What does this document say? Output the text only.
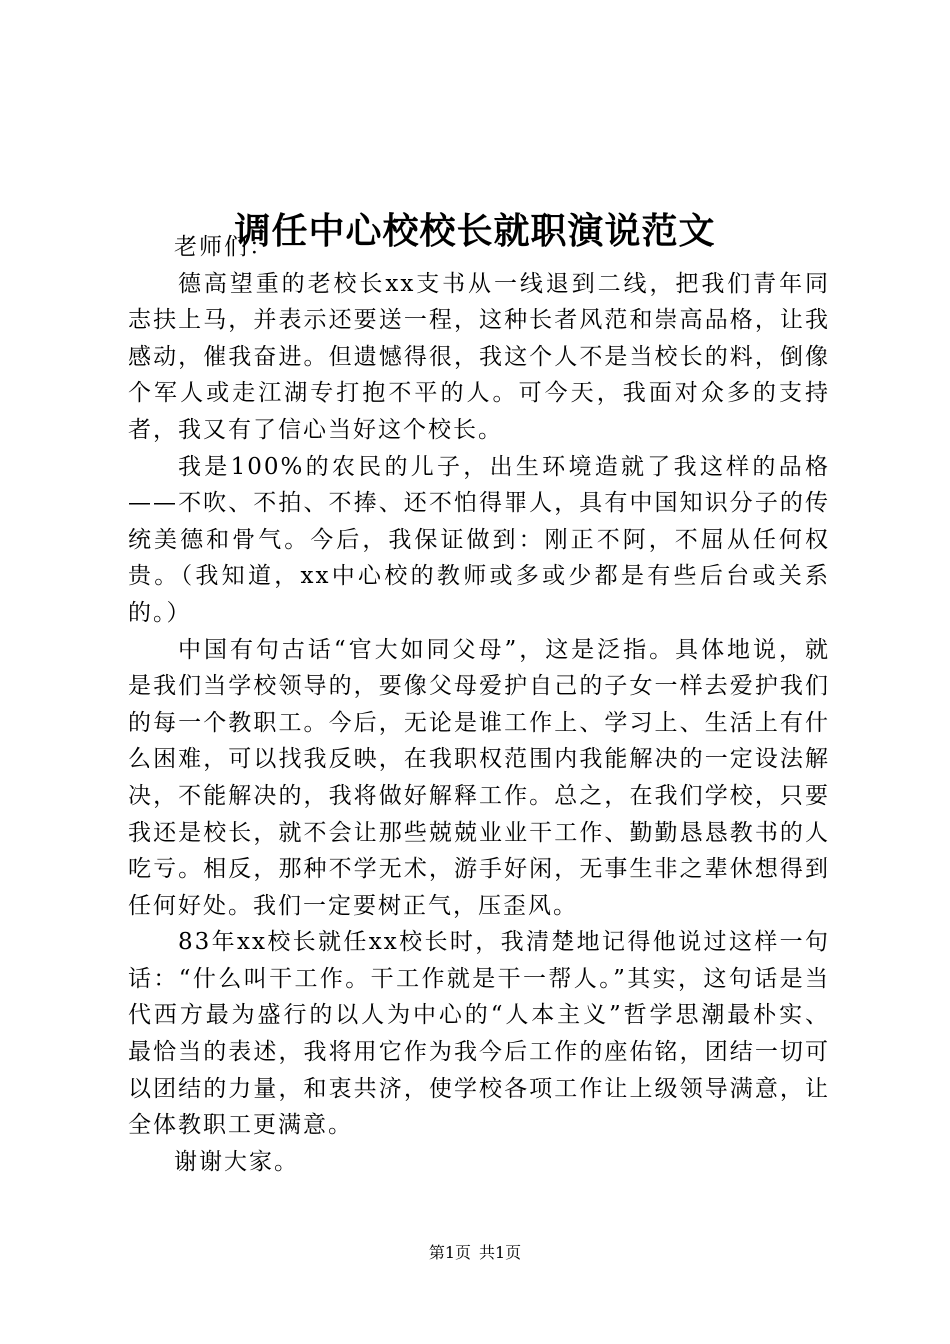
调任中心校校长就职演说范文

老师们：

德高望重的老校长xx支书从一线退到二线，把我们青年同志扶上马，并表示还要送一程，这种长者风范和崇高品格，让我感动，催我奋进。但遗憾得很，我这个人不是当校长的料，倒像个军人或走江湖专打抱不平的人。可今天，我面对众多的支持者，我又有了信心当好这个校长。

我是100%的农民的儿子，出生环境造就了我这样的品格——不吹、不拍、不捧、还不怕得罪人，具有中国知识分子的传统美德和骨气。今后，我保证做到：刚正不阿，不屈从任何权贵。（我知道，xx中心校的教师或多或少都是有些后台或关系的。）

中国有句古话“官大如同父母”，这是泛指。具体地说，就是我们当学校领导的，要像父母爱护自己的子女一样去爱护我们的每一个教职工。今后，无论是谁工作上、学习上、生活上有什么困难，可以找我反映，在我职权范围内我能解决的一定设法解决，不能解决的，我将做好解释工作。总之，在我们学校，只要我还是校长，就不会让那些兢兢业业干工作、勤勤恳恳教书的人吃亏。相反，那种不学无术，游手好闲，无事生非之辈休想得到任何好处。我们一定要树正气，压歪风。

83年xx校长就任xx校长时，我清楚地记得他说过这样一句话：“什么叫干工作。干工作就是干一帮人。”其实，这句话是当代西方最为盛行的以人为中心的“人本主义”哲学思潮最朴实、最恰当的表述，我将用它作为我今后工作的座佑铭，团结一切可以团结的力量，和衷共济，使学校各项工作让上级领导满意，让全体教职工更满意。

谢谢大家。

第1页 共1页
